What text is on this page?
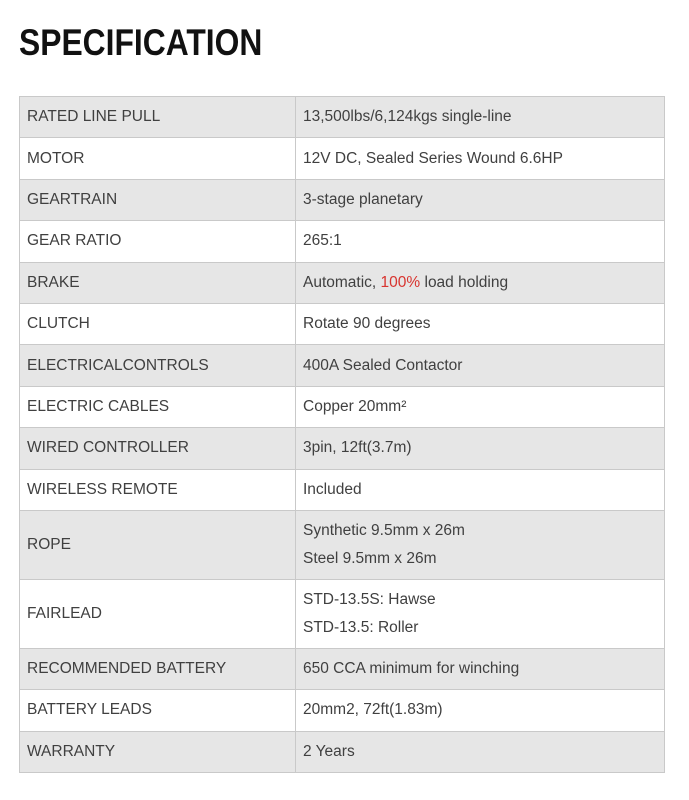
SPECIFICATION
RATED LINE PULL	13,500lbs/6,124kgs single-line
MOTOR	12V DC, Sealed Series Wound 6.6HP
GEARTRAIN	3-stage planetary
GEAR RATIO	265:1
BRAKE	Automatic, 100% load holding
CLUTCH	Rotate 90 degrees
ELECTRICALCONTROLS	400A Sealed Contactor
ELECTRIC CABLES	Copper 20mm²
WIRED CONTROLLER	3pin, 12ft(3.7m)
WIRELESS REMOTE	Included
ROPE	Synthetic 9.5mm x 26m
Steel 9.5mm x 26m

FAIRLEAD	STD-13.5S: Hawse
STD-13.5: Roller

RECOMMENDED BATTERY	650 CCA minimum for winching
BATTERY LEADS	20mm2, 72ft(1.83m)
WARRANTY	2 Years
